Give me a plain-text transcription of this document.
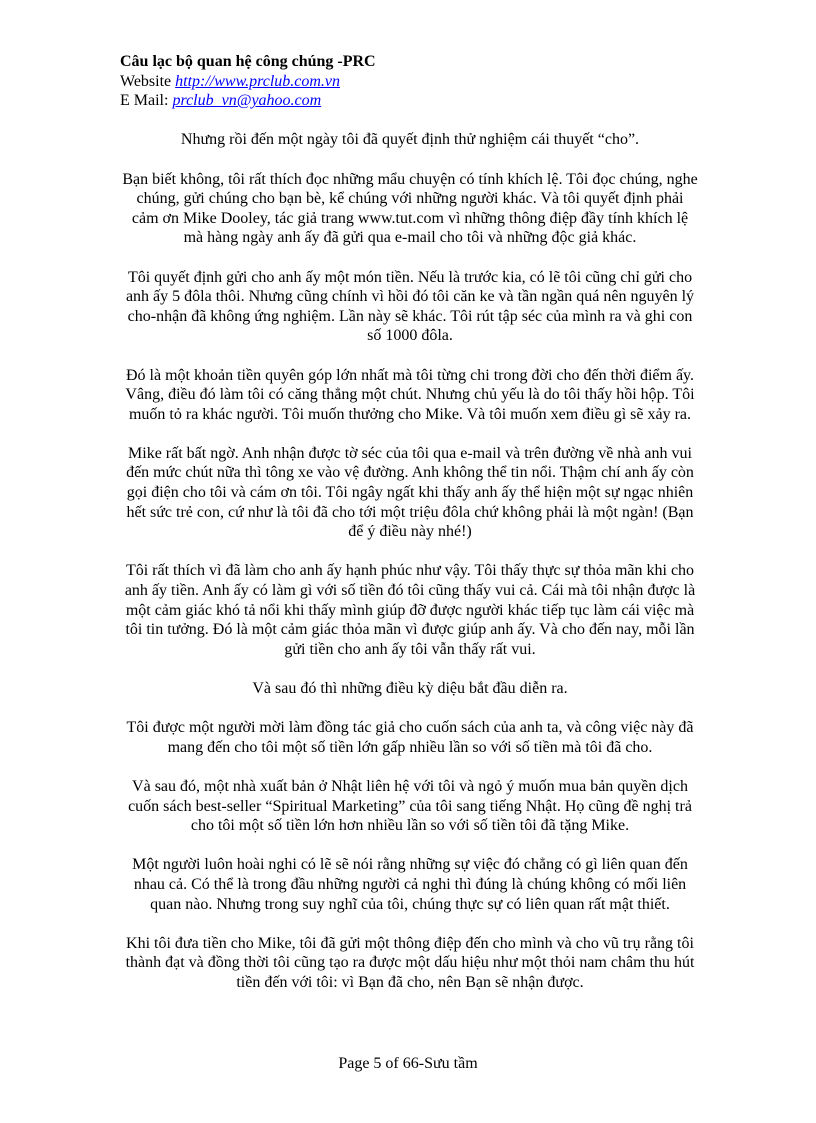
Câu lạc bộ quan hệ công chúng -PRC
Website http://www.prclub.com.vn
E Mail: prclub_vn@yahoo.com
Nhưng rồi đến một ngày tôi đã quyết định thử nghiệm cái thuyết “cho”.
Bạn biết không, tôi rất thích đọc những mẩu chuyện có tính khích lệ. Tôi đọc chúng, nghe
chúng, gửi chúng cho bạn bè, kể chúng với những người khác. Và tôi quyết định phải
cảm ơn Mike Dooley, tác giả trang www.tut.com vì những thông điệp đầy tính khích lệ
mà hàng ngày anh ấy đã gửi qua e-mail cho tôi và những độc giả khác.
Tôi quyết định gửi cho anh ấy một món tiền. Nếu là trước kia, có lẽ tôi cũng chỉ gửi cho
anh ấy 5 đôla thôi. Nhưng cũng chính vì hồi đó tôi căn ke và tần ngần quá nên nguyên lý
cho-nhận đã không ứng nghiệm. Lần này sẽ khác. Tôi rút tập séc của mình ra và ghi con
số 1000 đôla.
Đó là một khoản tiền quyên góp lớn nhất mà tôi từng chi trong đời cho đến thời điểm ấy.
Vâng, điều đó làm tôi có căng thẳng một chút. Nhưng chủ yếu là do tôi thấy hồi hộp. Tôi
muốn tỏ ra khác người. Tôi muốn thưởng cho Mike. Và tôi muốn xem điều gì sẽ xảy ra.
Mike rất bất ngờ. Anh nhận được tờ séc của tôi qua e-mail và trên đường về nhà anh vui
đến mức chút nữa thì tông xe vào vệ đường. Anh không thể tin nổi. Thậm chí anh ấy còn
gọi điện cho tôi và cám ơn tôi. Tôi ngây ngất khi thấy anh ấy thể hiện một sự ngạc nhiên
hết sức trẻ con, cứ như là tôi đã cho tới một triệu đôla chứ không phải là một ngàn! (Bạn
để ý điều này nhé!)
Tôi rất thích vì đã làm cho anh ấy hạnh phúc như vậy. Tôi thấy thực sự thỏa mãn khi cho
anh ấy tiền. Anh ấy có làm gì với số tiền đó tôi cũng thấy vui cả. Cái mà tôi nhận được là
một cảm giác khó tả nổi khi thấy mình giúp đỡ được người khác tiếp tục làm cái việc mà
tôi tin tưởng. Đó là một cảm giác thỏa mãn vì được giúp anh ấy. Và cho đến nay, mỗi lần
gửi tiền cho anh ấy tôi vẫn thấy rất vui.
Và sau đó thì những điều kỳ diệu bắt đầu diễn ra.
Tôi được một người mời làm đồng tác giả cho cuốn sách của anh ta, và công việc này đã
mang đến cho tôi một số tiền lớn gấp nhiều lần so với số tiền mà tôi đã cho.
Và sau đó, một nhà xuất bản ở Nhật liên hệ với tôi và ngỏ ý muốn mua bản quyền dịch
cuốn sách best-seller “Spiritual Marketing” của tôi sang tiếng Nhật. Họ cũng đề nghị trả
cho tôi một số tiền lớn hơn nhiều lần so với số tiền tôi đã tặng Mike.
Một người luôn hoài nghi có lẽ sẽ nói rằng những sự việc đó chẳng có gì liên quan đến
nhau cả. Có thể là trong đầu những người cả nghi thì đúng là chúng không có mối liên
quan nào. Nhưng trong suy nghĩ của tôi, chúng thực sự có liên quan rất mật thiết.
Khi tôi đưa tiền cho Mike, tôi đã gửi một thông điệp đến cho mình và cho vũ trụ rằng tôi
thành đạt và đồng thời tôi cũng tạo ra được một dấu hiệu như một thỏi nam châm thu hút
tiền đến với tôi: vì Bạn đã cho, nên Bạn sẽ nhận được.
Page 5 of 66-Sưu tầm
